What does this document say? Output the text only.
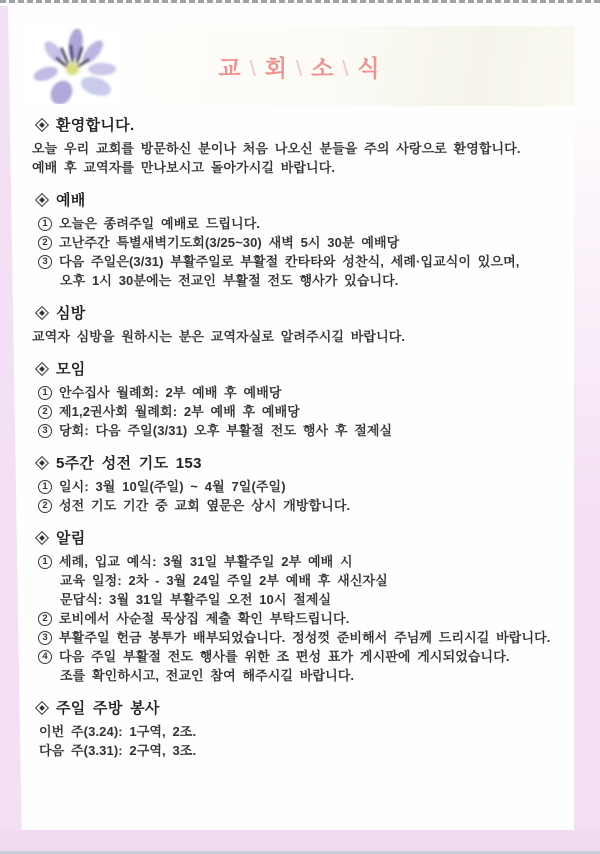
교 \ 회 \ 소 \ 식
환영합니다.
오늘 우리 교회를 방문하신 분이나 처음 나오신 분들을 주의 사랑으로 환영합니다.
예배 후 교역자를 만나보시고 돌아가시길 바랍니다.
예배
1 오늘은 종려주일 예배로 드립니다.
2 고난주간 특별새벽기도회(3/25~30) 새벽 5시 30분 예배당
3 다음 주일은(3/31) 부활주일로 부활절 칸타타와 성찬식, 세례·입교식이 있으며,
오후 1시 30분에는 전교인 부활절 전도 행사가 있습니다.
심방
교역자 심방을 원하시는 분은 교역자실로 알려주시길 바랍니다.
모임
1 안수집사 월례회: 2부 예배 후 예배당
2 제1,2권사회 월례회: 2부 예배 후 예배당
3 당회: 다음 주일(3/31) 오후 부활절 전도 행사 후 절제실
5주간 성전 기도 153
1 일시: 3월 10일(주일) ~ 4월 7일(주일)
2 성전 기도 기간 중 교회 옆문은 상시 개방합니다.
알림
1 세례, 입교 예식: 3월 31일 부활주일 2부 예배 시
교육 일정: 2차 - 3월 24일 주일 2부 예배 후 새신자실
문답식: 3월 31일 부활주일 오전 10시 절제실
2 로비에서 사순절 묵상집 제출 확인 부탁드립니다.
3 부활주일 헌금 봉투가 배부되었습니다. 정성껏 준비해서 주님께 드리시길 바랍니다.
4 다음 주일 부활절 전도 행사를 위한 조 편성 표가 게시판에 게시되었습니다.
조를 확인하시고, 전교인 참여 해주시길 바랍니다.
주일 주방 봉사
이번 주(3.24): 1구역, 2조.
다음 주(3.31): 2구역, 3조.
